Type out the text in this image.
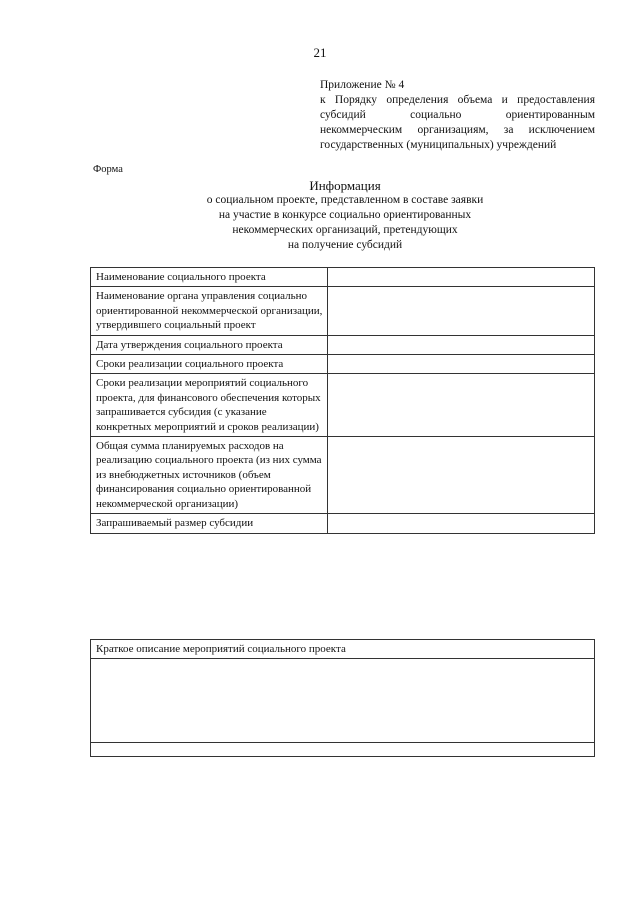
21
Приложение № 4
к Порядку определения объема и предоставления субсидий социально ориентированным некоммерческим организациям, за исключением государственных (муниципальных) учреждений
Форма
Информация
о социальном проекте, представленном в составе заявки
на участие в конкурсе социально ориентированных
некоммерческих организаций, претендующих
на получение субсидий
Наименование социального проекта	
Наименование органа управления социально ориентированной некоммерческой организации, утвердившего социальный проект	
Дата утверждения социального проекта	
Сроки реализации социального проекта	
Сроки реализации мероприятий социального проекта, для финансового обеспечения которых запрашивается субсидия (с указание конкретных мероприятий и сроков реализации)	
Общая сумма планируемых расходов на реализацию социального проекта (из них сумма из внебюджетных источников (объем финансирования социально ориентированной некоммерческой организации)	
Запрашиваемый размер субсидии	
Краткое описание мероприятий социального проекта
